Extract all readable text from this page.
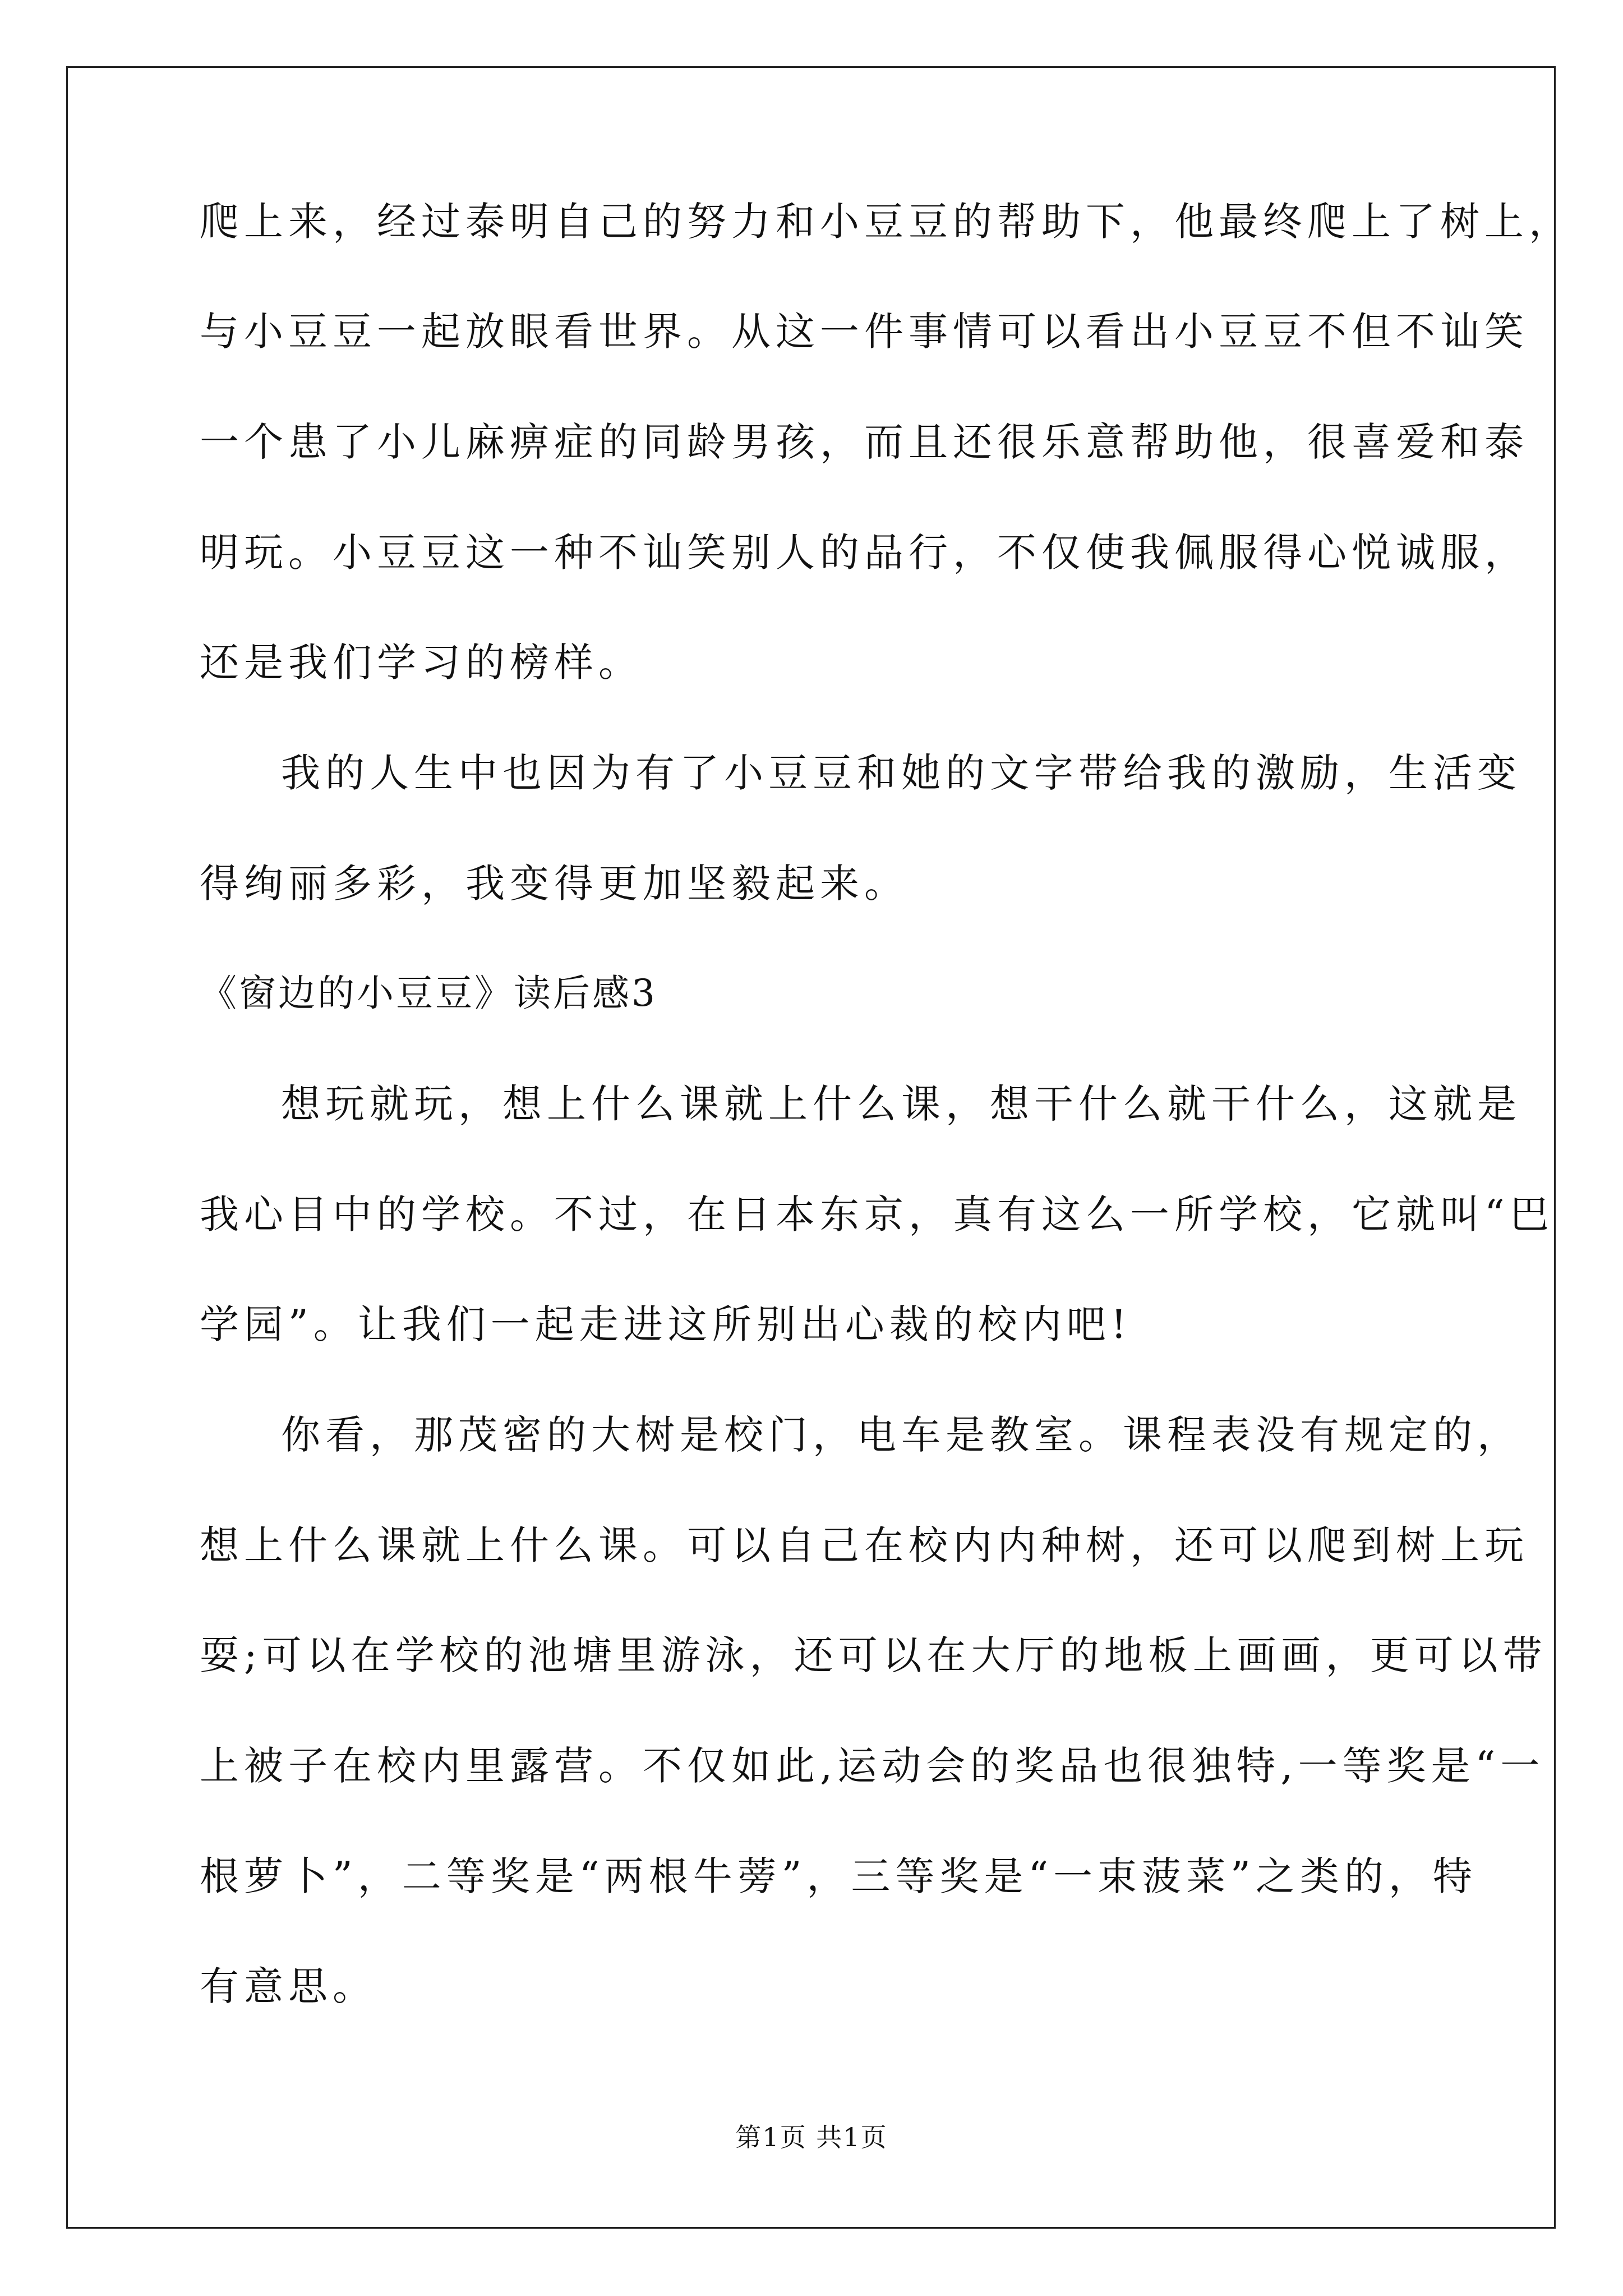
爬上来，经过泰明自己的努力和小豆豆的帮助下，他最终爬上了树上，
与小豆豆一起放眼看世界。从这一件事情可以看出小豆豆不但不讪笑
一个患了小儿麻痹症的同龄男孩，而且还很乐意帮助他，很喜爱和泰
明玩。小豆豆这一种不讪笑别人的品行，不仅使我佩服得心悦诚服，
还是我们学习的榜样。
我的人生中也因为有了小豆豆和她的文字带给我的激励，生活变
得绚丽多彩，我变得更加坚毅起来。
《窗边的小豆豆》读后感3
想玩就玩，想上什么课就上什么课，想干什么就干什么，这就是
我心目中的学校。不过，在日本东京，真有这么一所学校，它就叫“巴
学园”。让我们一起走进这所别出心裁的校内吧!
你看，那茂密的大树是校门，电车是教室。课程表没有规定的，
想上什么课就上什么课。可以自己在校内内种树，还可以爬到树上玩
耍;可以在学校的池塘里游泳，还可以在大厅的地板上画画，更可以带
上被子在校内里露营。不仅如此,运动会的奖品也很独特,一等奖是“一
根萝卜”，二等奖是“两根牛蒡”，三等奖是“一束菠菜”之类的，特
有意思。
第1页 共1页
